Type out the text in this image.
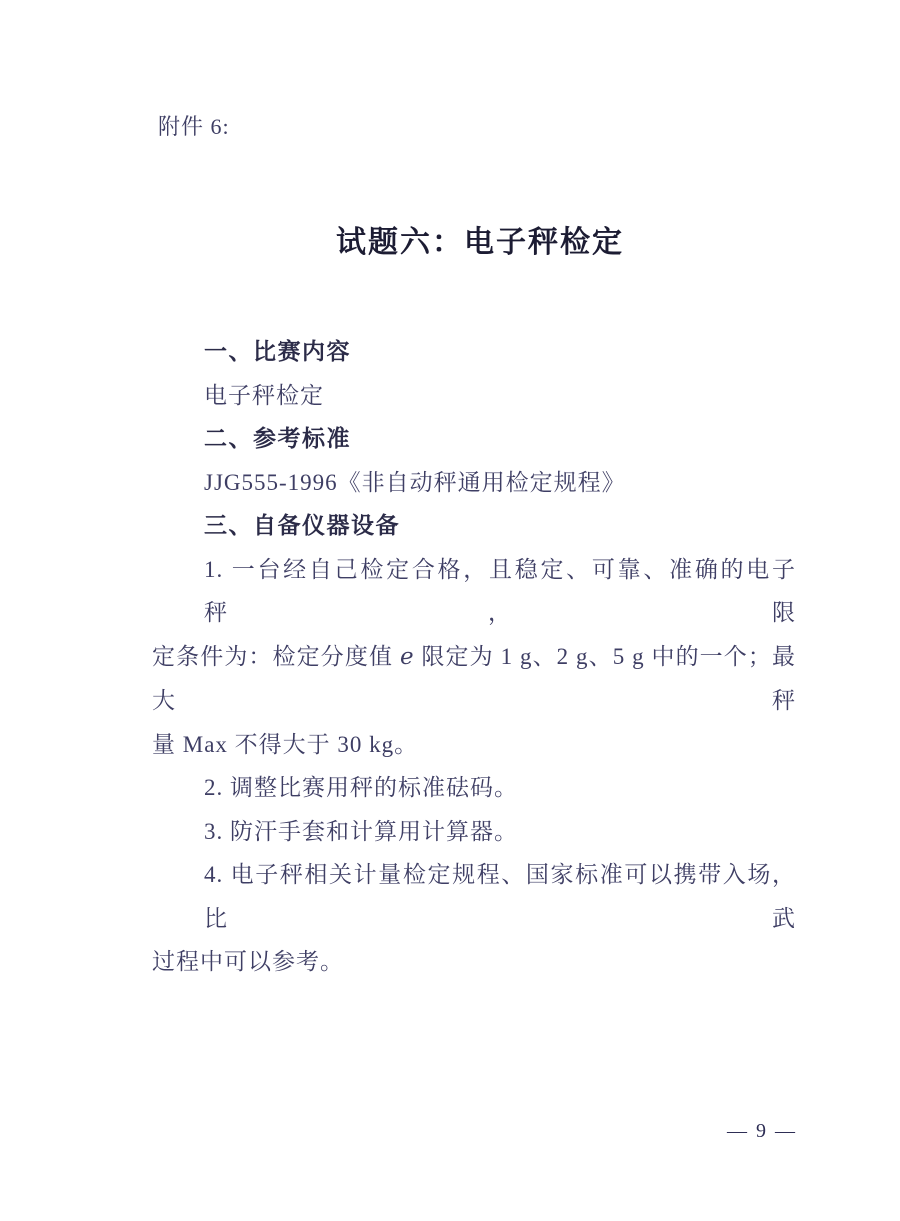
附件 6:
试题六：电子秤检定
一、比赛内容
电子秤检定
二、参考标准
JJG555-1996《非自动秤通用检定规程》
三、自备仪器设备
1. 一台经自己检定合格，且稳定、可靠、准确的电子秤，限
定条件为：检定分度值 e 限定为 1 g、2 g、5 g 中的一个；最大秤
量 Max 不得大于 30 kg。
2. 调整比赛用秤的标准砝码。
3. 防汗手套和计算用计算器。
4. 电子秤相关计量检定规程、国家标准可以携带入场，比武
过程中可以参考。
— 9 —
